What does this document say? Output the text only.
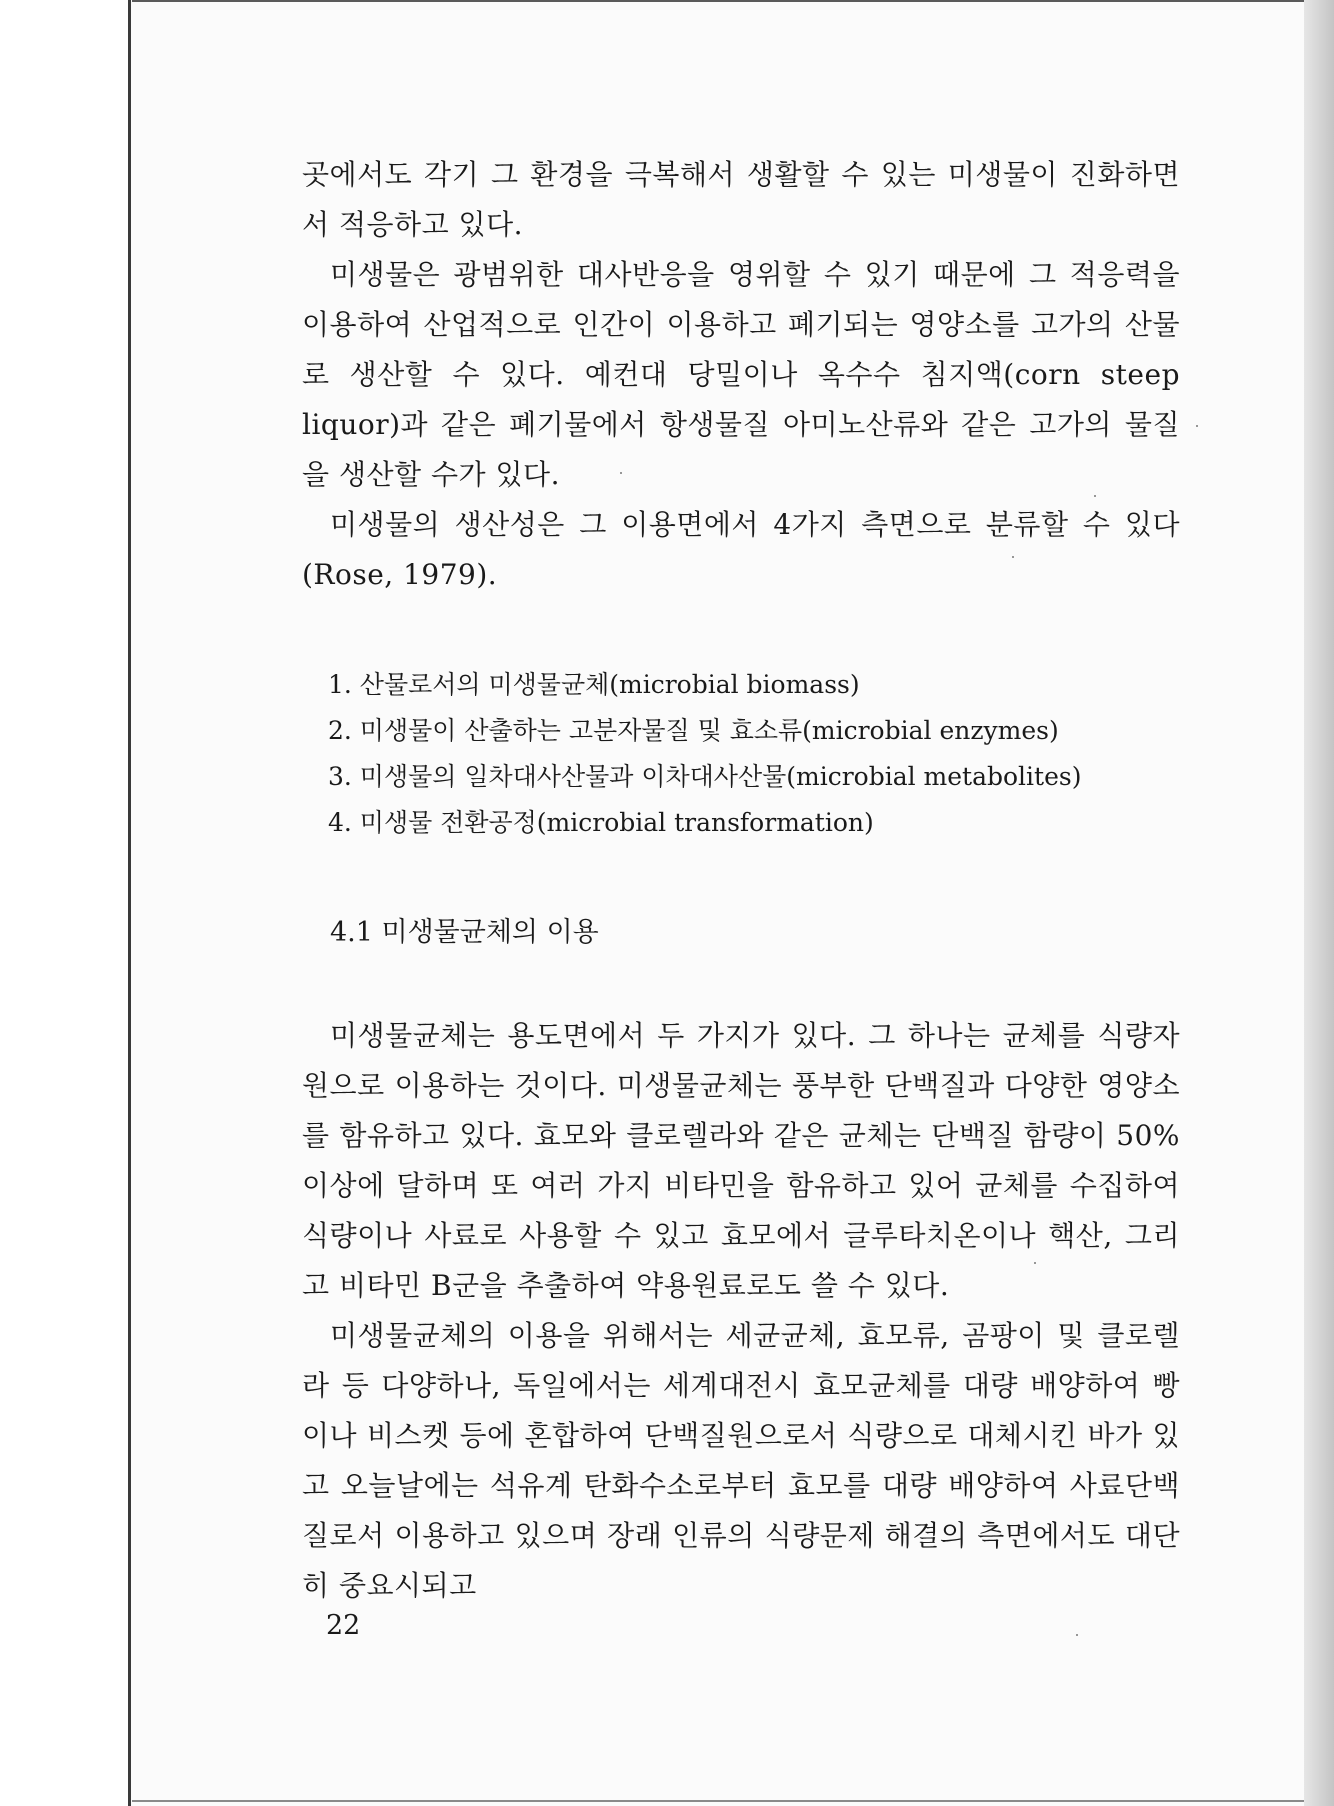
곳에서도 각기 그 환경을 극복해서 생활할 수 있는 미생물이 진화하면서 적응하고 있다.

미생물은 광범위한 대사반응을 영위할 수 있기 때문에 그 적응력을 이용하여 산업적으로 인간이 이용하고 폐기되는 영양소를 고가의 산물로 생산할 수 있다. 예컨대 당밀이나 옥수수 침지액(corn steep liquor)과 같은 폐기물에서 항생물질 아미노산류와 같은 고가의 물질을 생산할 수가 있다.

미생물의 생산성은 그 이용면에서 4가지 측면으로 분류할 수 있다 (Rose, 1979).

1. 산물로서의 미생물균체(microbial biomass)
2. 미생물이 산출하는 고분자물질 및 효소류(microbial enzymes)
3. 미생물의 일차대사산물과 이차대사산물(microbial metabolites)
4. 미생물 전환공정(microbial transformation)
4.1 미생물균체의 이용

미생물균체는 용도면에서 두 가지가 있다. 그 하나는 균체를 식량자원으로 이용하는 것이다. 미생물균체는 풍부한 단백질과 다양한 영양소를 함유하고 있다. 효모와 클로렐라와 같은 균체는 단백질 함량이 50% 이상에 달하며 또 여러 가지 비타민을 함유하고 있어 균체를 수집하여 식량이나 사료로 사용할 수 있고 효모에서 글루타치온이나 핵산, 그리고 비타민 B군을 추출하여 약용원료로도 쓸 수 있다.

미생물균체의 이용을 위해서는 세균균체, 효모류, 곰팡이 및 클로렐라 등 다양하나, 독일에서는 세계대전시 효모균체를 대량 배양하여 빵이나 비스켓 등에 혼합하여 단백질원으로서 식량으로 대체시킨 바가 있고 오늘날에는 석유계 탄화수소로부터 효모를 대량 배양하여 사료단백질로서 이용하고 있으며 장래 인류의 식량문제 해결의 측면에서도 대단히 중요시되고

22
